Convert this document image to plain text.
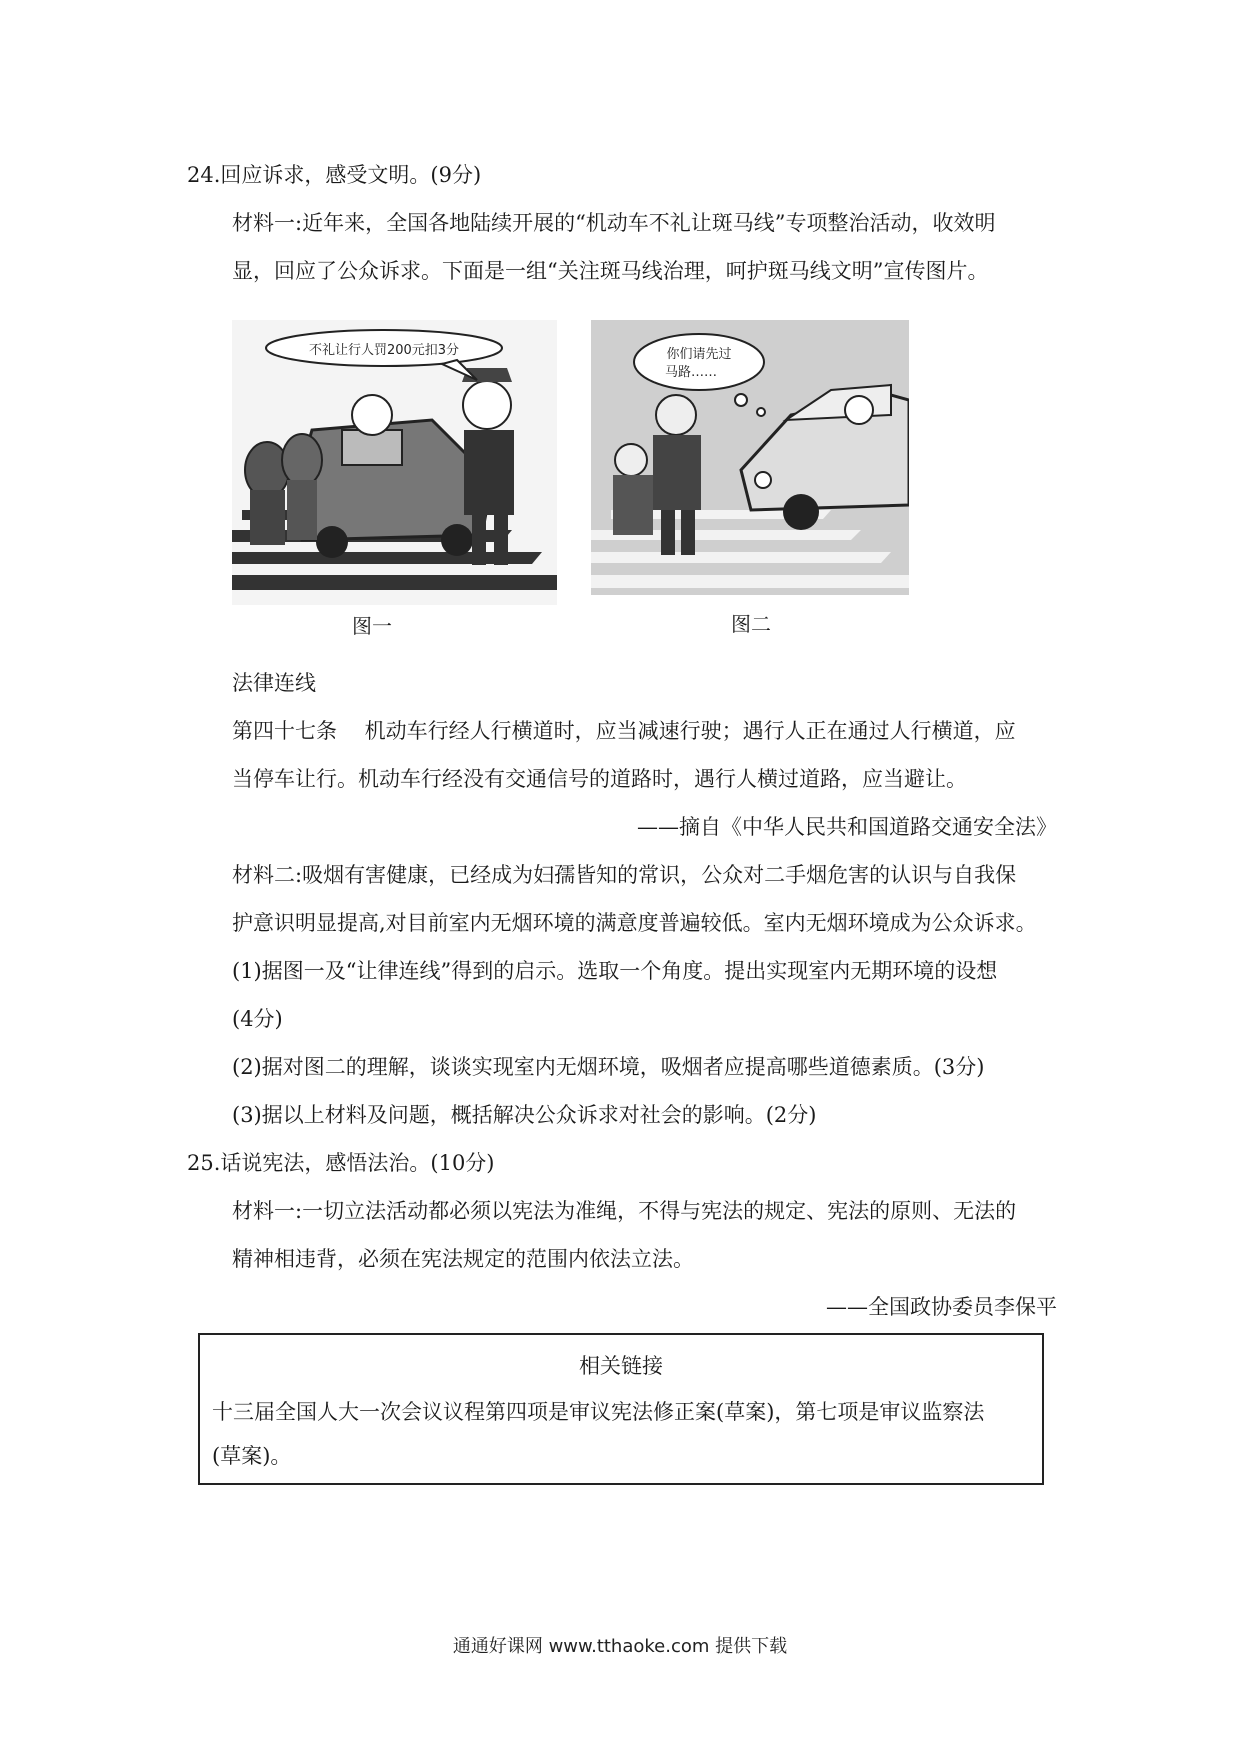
24.回应诉求，感受文明。(9分)
材料一:近年来，全国各地陆续开展的“机动车不礼让斑马线”专项整治活动，收效明
显，回应了公众诉求。下面是一组“关注斑马线治理，呵护斑马线文明”宣传图片。
不礼让行人罚200元扣3分
图一
你们请先过
马路……
图二
法律连线
第四十七条　 机动车行经人行横道时，应当减速行驶；遇行人正在通过人行横道，应
当停车让行。机动车行经没有交通信号的道路时，遇行人横过道路，应当避让。
——摘自《中华人民共和国道路交通安全法》
材料二:吸烟有害健康，已经成为妇孺皆知的常识，公众对二手烟危害的认识与自我保
护意识明显提高,对目前室内无烟环境的满意度普遍较低。室内无烟环境成为公众诉求。
(1)据图一及“让律连线”得到的启示。选取一个角度。提出实现室内无期环境的设想
(4分)
(2)据对图二的理解，谈谈实现室内无烟环境，吸烟者应提高哪些道德素质。(3分)
(3)据以上材料及问题，概括解决公众诉求对社会的影响。(2分)
25.话说宪法，感悟法治。(10分)
材料一:一切立法活动都必须以宪法为准绳，不得与宪法的规定、宪法的原则、无法的
精神相违背，必须在宪法规定的范围内依法立法。
——全国政协委员李保平
相关链接
十三届全国人大一次会议议程第四项是审议宪法修正案(草案)，第七项是审议监察法
(草案)。
通通好课网 www.tthaoke.com 提供下载
